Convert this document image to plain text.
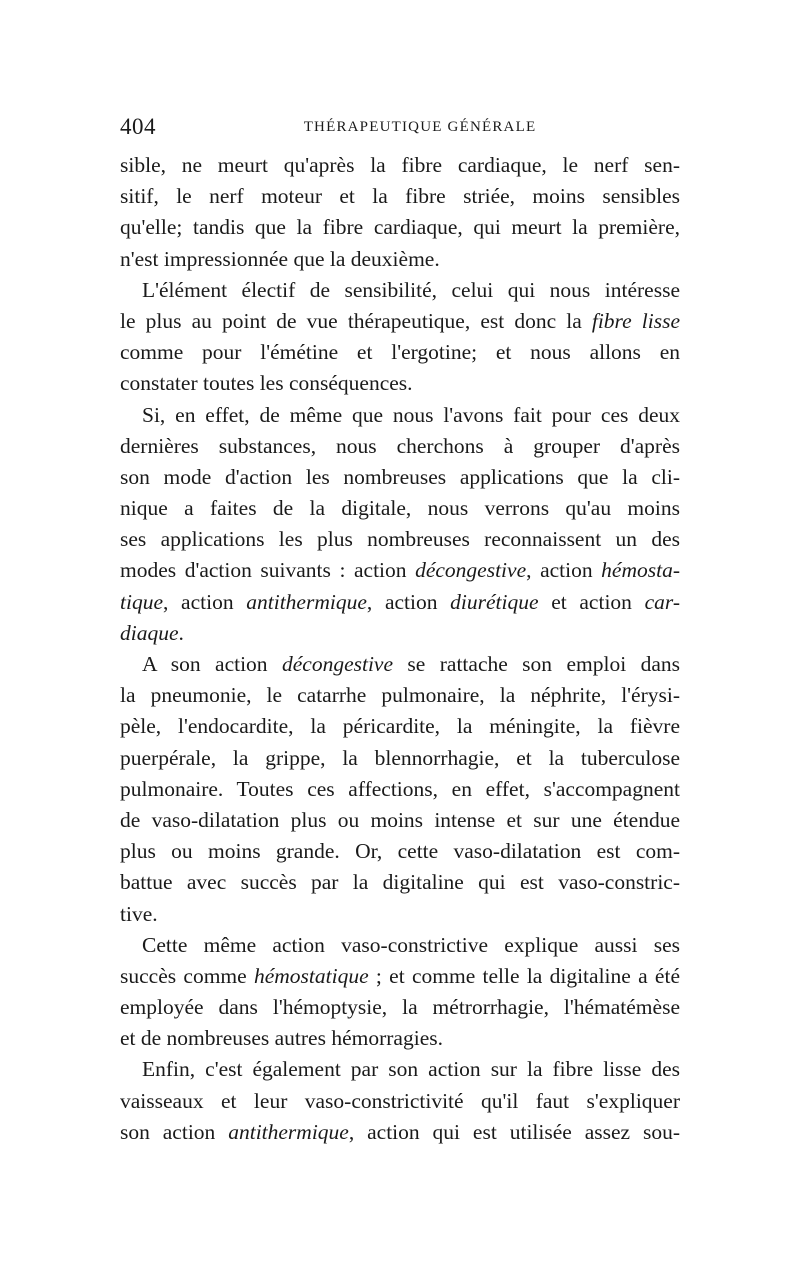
404	THÉRAPEUTIQUE GÉNÉRALE
sible, ne meurt qu'après la fibre cardiaque, le nerf sen-
sitif, le nerf moteur et la fibre striée, moins sensibles
qu'elle; tandis que la fibre cardiaque, qui meurt la première,
n'est impressionnée que la deuxième.
L'élément électif de sensibilité, celui qui nous intéresse
le plus au point de vue thérapeutique, est donc la fibre lisse
comme pour l'émétine et l'ergotine; et nous allons en
constater toutes les conséquences.
Si, en effet, de même que nous l'avons fait pour ces deux
dernières substances, nous cherchons à grouper d'après
son mode d'action les nombreuses applications que la cli-
nique a faites de la digitale, nous verrons qu'au moins
ses applications les plus nombreuses reconnaissent un des
modes d'action suivants : action décongestive, action hémosta-
tique, action antithermique, action diurétique et action car-
diaque.
A son action décongestive se rattache son emploi dans
la pneumonie, le catarrhe pulmonaire, la néphrite, l'érysi-
pèle, l'endocardite, la péricardite, la méningite, la fièvre
puerpérale, la grippe, la blennorrhagie, et la tuberculose
pulmonaire. Toutes ces affections, en effet, s'accompagnent
de vaso-dilatation plus ou moins intense et sur une étendue
plus ou moins grande. Or, cette vaso-dilatation est com-
battue avec succès par la digitaline qui est vaso-constric-
tive.
Cette même action vaso-constrictive explique aussi ses
succès comme hémostatique ; et comme telle la digitaline a été
employée dans l'hémoptysie, la métrorrhagie, l'hématémèse
et de nombreuses autres hémorragies.
Enfin, c'est également par son action sur la fibre lisse des
vaisseaux et leur vaso-constrictivité qu'il faut s'expliquer
son action antithermique, action qui est utilisée assez sou-
